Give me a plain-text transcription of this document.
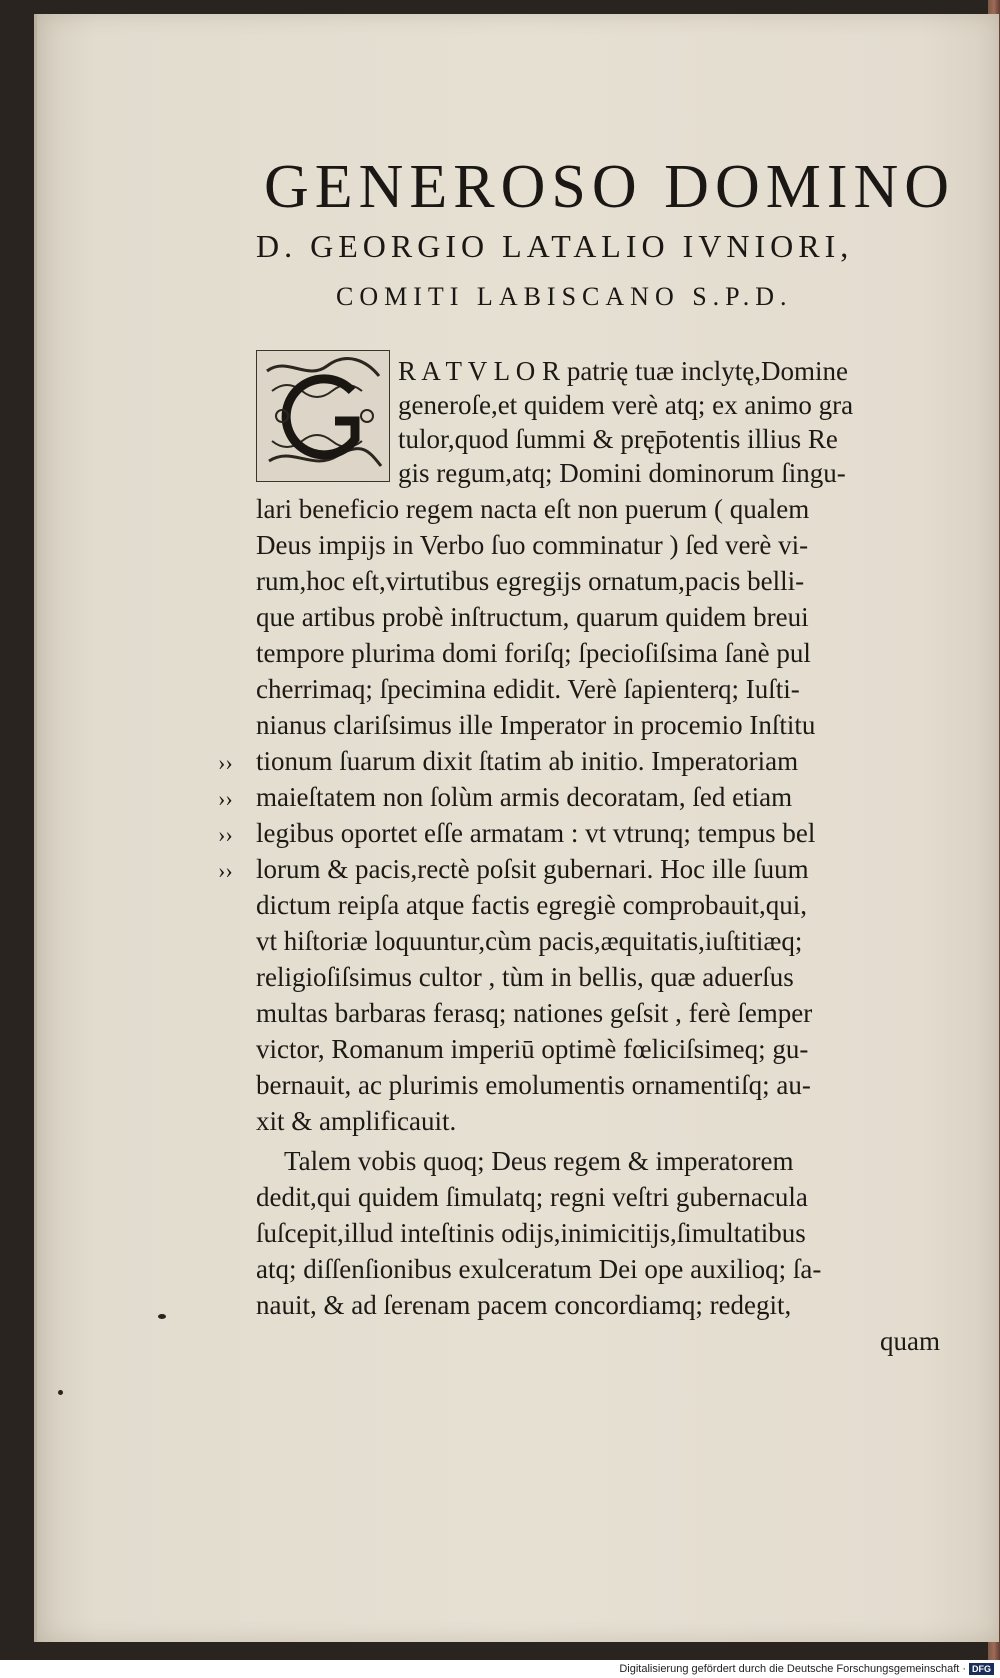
GENEROSO DOMINO
D. GEORGIO LATALIO IVNIORI,
COMITI LABISCANO S.P.D.
R A T V L O R patrię tuæ inclytę,Domine
generoſe,et quidem verè atq; ex animo gra
tulor,quod ſummi & pręp̄otentis illius Re
gis regum,atq; Domini dominorum ſingu-
lari beneficio regem nacta eſt non puerum ( qualem
Deus impijs in Verbo ſuo comminatur ) ſed verè vi-
rum,hoc eſt,virtutibus egregijs ornatum,pacis belli-
que artibus probè inſtructum, quarum quidem breui
tempore plurima domi foriſq; ſpecioſiſsima ſanè pul
cherrimaq; ſpecimina edidit. Verè ſapienterq; Iuſti-
nianus clariſsimus ille Imperator in procemio Inſtitu
tionum ſuarum dixit ſtatim ab initio. Imperatoriam
maieſtatem non ſolùm armis decoratam, ſed etiam
legibus oportet eſſe armatam : vt vtrunq; tempus bel
lorum & pacis,rectè poſsit gubernari. Hoc ille ſuum
dictum reipſa atque factis egregiè comprobauit,qui,
vt hiſtoriæ loquuntur,cùm pacis,æquitatis,iuſtitiæq;
religioſiſsimus cultor , tùm in bellis, quæ aduerſus
multas barbaras ferasq; nationes geſsit , ferè ſemper
victor, Romanum imperiū optimè fœliciſsimeq; gu-
bernauit, ac plurimis emolumentis ornamentiſq; au-
xit & amplificauit.
Talem vobis quoq; Deus regem & imperatorem
dedit,qui quidem ſimulatq; regni veſtri gubernacula
ſuſcepit,illud inteſtinis odijs,inimicitijs,ſimultatibus
atq; diſſenſionibus exulceratum Dei ope auxilioq; ſa-
nauit, & ad ſerenam pacem concordiamq; redegit,
quam
››
››
››
››
Digitalisierung gefördert durch die Deutsche Forschungsgemeinschaft · DFG
